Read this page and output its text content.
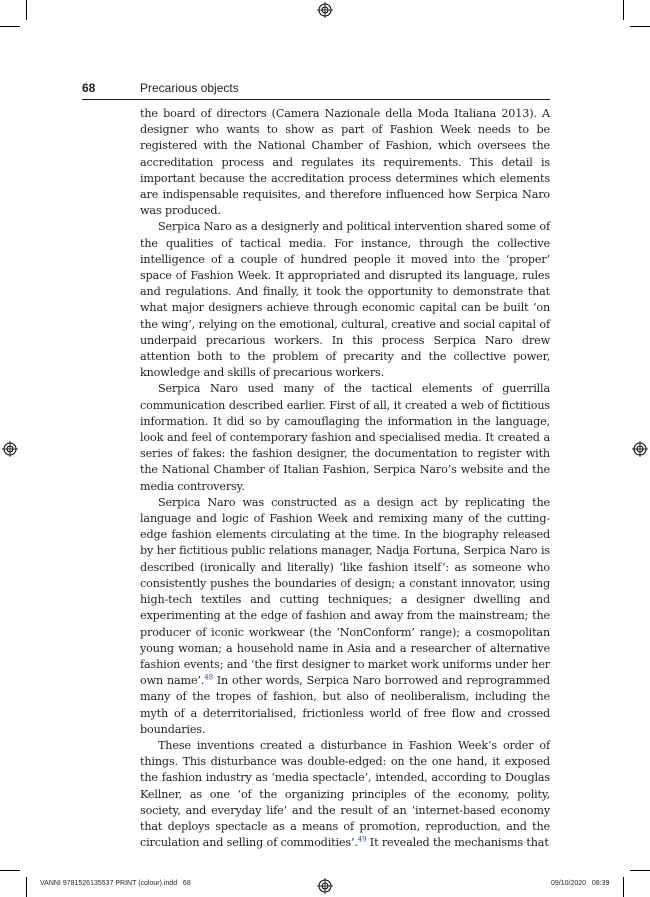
68	Precarious objects

the board of directors (Camera Nazionale della Moda Italiana 2013). A designer who wants to show as part of Fashion Week needs to be registered with the National Chamber of Fashion, which oversees the accreditation process and regulates its requirements. This detail is important because the accreditation process determines which elements are indispensable requisites, and therefore influenced how Serpica Naro was produced.

Serpica Naro as a designerly and political intervention shared some of the qualities of tactical media. For instance, through the collective intelligence of a couple of hundred people it moved into the ‘proper’ space of Fashion Week. It appropriated and disrupted its language, rules and regulations. And finally, it took the opportunity to demonstrate that what major designers achieve through economic capital can be built ‘on the wing’, relying on the emotional, cultural, creative and social capital of underpaid precarious workers. In this process Serpica Naro drew attention both to the problem of precarity and the collective power, knowledge and skills of precarious workers.

Serpica Naro used many of the tactical elements of guerrilla communication described earlier. First of all, it created a web of fictitious information. It did so by camouflaging the information in the language, look and feel of contemporary fashion and specialised media. It created a series of fakes: the fashion designer, the documentation to register with the National Chamber of Italian Fashion, Serpica Naro’s website and the media controversy.

Serpica Naro was constructed as a design act by replicating the language and logic of Fashion Week and remixing many of the cutting-edge fashion elements circulating at the time. In the biography released by her fictitious public relations manager, Nadja Fortuna, Serpica Naro is described (ironically and literally) ‘like fashion itself’: as someone who consistently pushes the boundaries of design; a constant innovator, using high-tech textiles and cutting techniques; a designer dwelling and experimenting at the edge of fashion and away from the mainstream; the producer of iconic workwear (the ‘NonConform’ range); a cosmopolitan young woman; a household name in Asia and a researcher of alternative fashion events; and ‘the first designer to market work uniforms under her own name’.$^{48}$ In other words, Serpica Naro borrowed and reprogrammed many of the tropes of fashion, but also of neoliberalism, including the myth of a deterritorialised, frictionless world of free flow and crossed boundaries.

These inventions created a disturbance in Fashion Week’s order of things. This disturbance was double-edged: on the one hand, it exposed the fashion industry as ‘media spectacle’, intended, according to Douglas Kellner, as one ‘of the organizing principles of the economy, polity, society, and everyday life’ and the result of an ‘internet-based economy that deploys spectacle as a means of promotion, reproduction, and the circulation and selling of commodities’.$^{49}$ It revealed the mechanisms that

VANNI 9781526135537 PRINT (colour).indd   68	09/10/2020   08:39
